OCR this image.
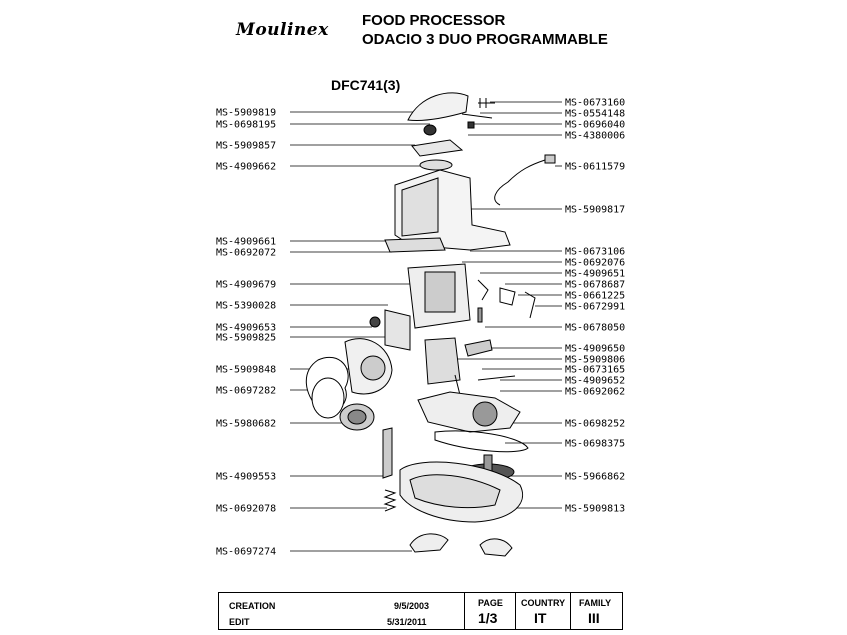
Moulinex FOOD PROCESSOR
ODACIO 3 DUO PROGRAMMABLE
DFC741(3)
MS-5909819
MS-0698195
MS-5909857
MS-4909662
MS-4909661
MS-0692072
MS-4909679
MS-5390028
MS-4909653
MS-5909825
MS-5909848
MS-0697282
MS-5980682
MS-4909553
MS-0692078
MS-0697274
MS-0673160
MS-0554148
MS-0696040
MS-4380006
MS-0611579
MS-5909817
MS-0673106
MS-0692076
MS-4909651
MS-0678687
MS-0661225
MS-0672991
MS-0678050
MS-4909650
MS-5909806
MS-0673165
MS-4909652
MS-0692062
MS-0698252
MS-0698375
MS-5966862
MS-5909813
CREATION	9/5/2003
EDIT	5/31/2011
PAGE
1/3
COUNTRY
IT
FAMILY
III
